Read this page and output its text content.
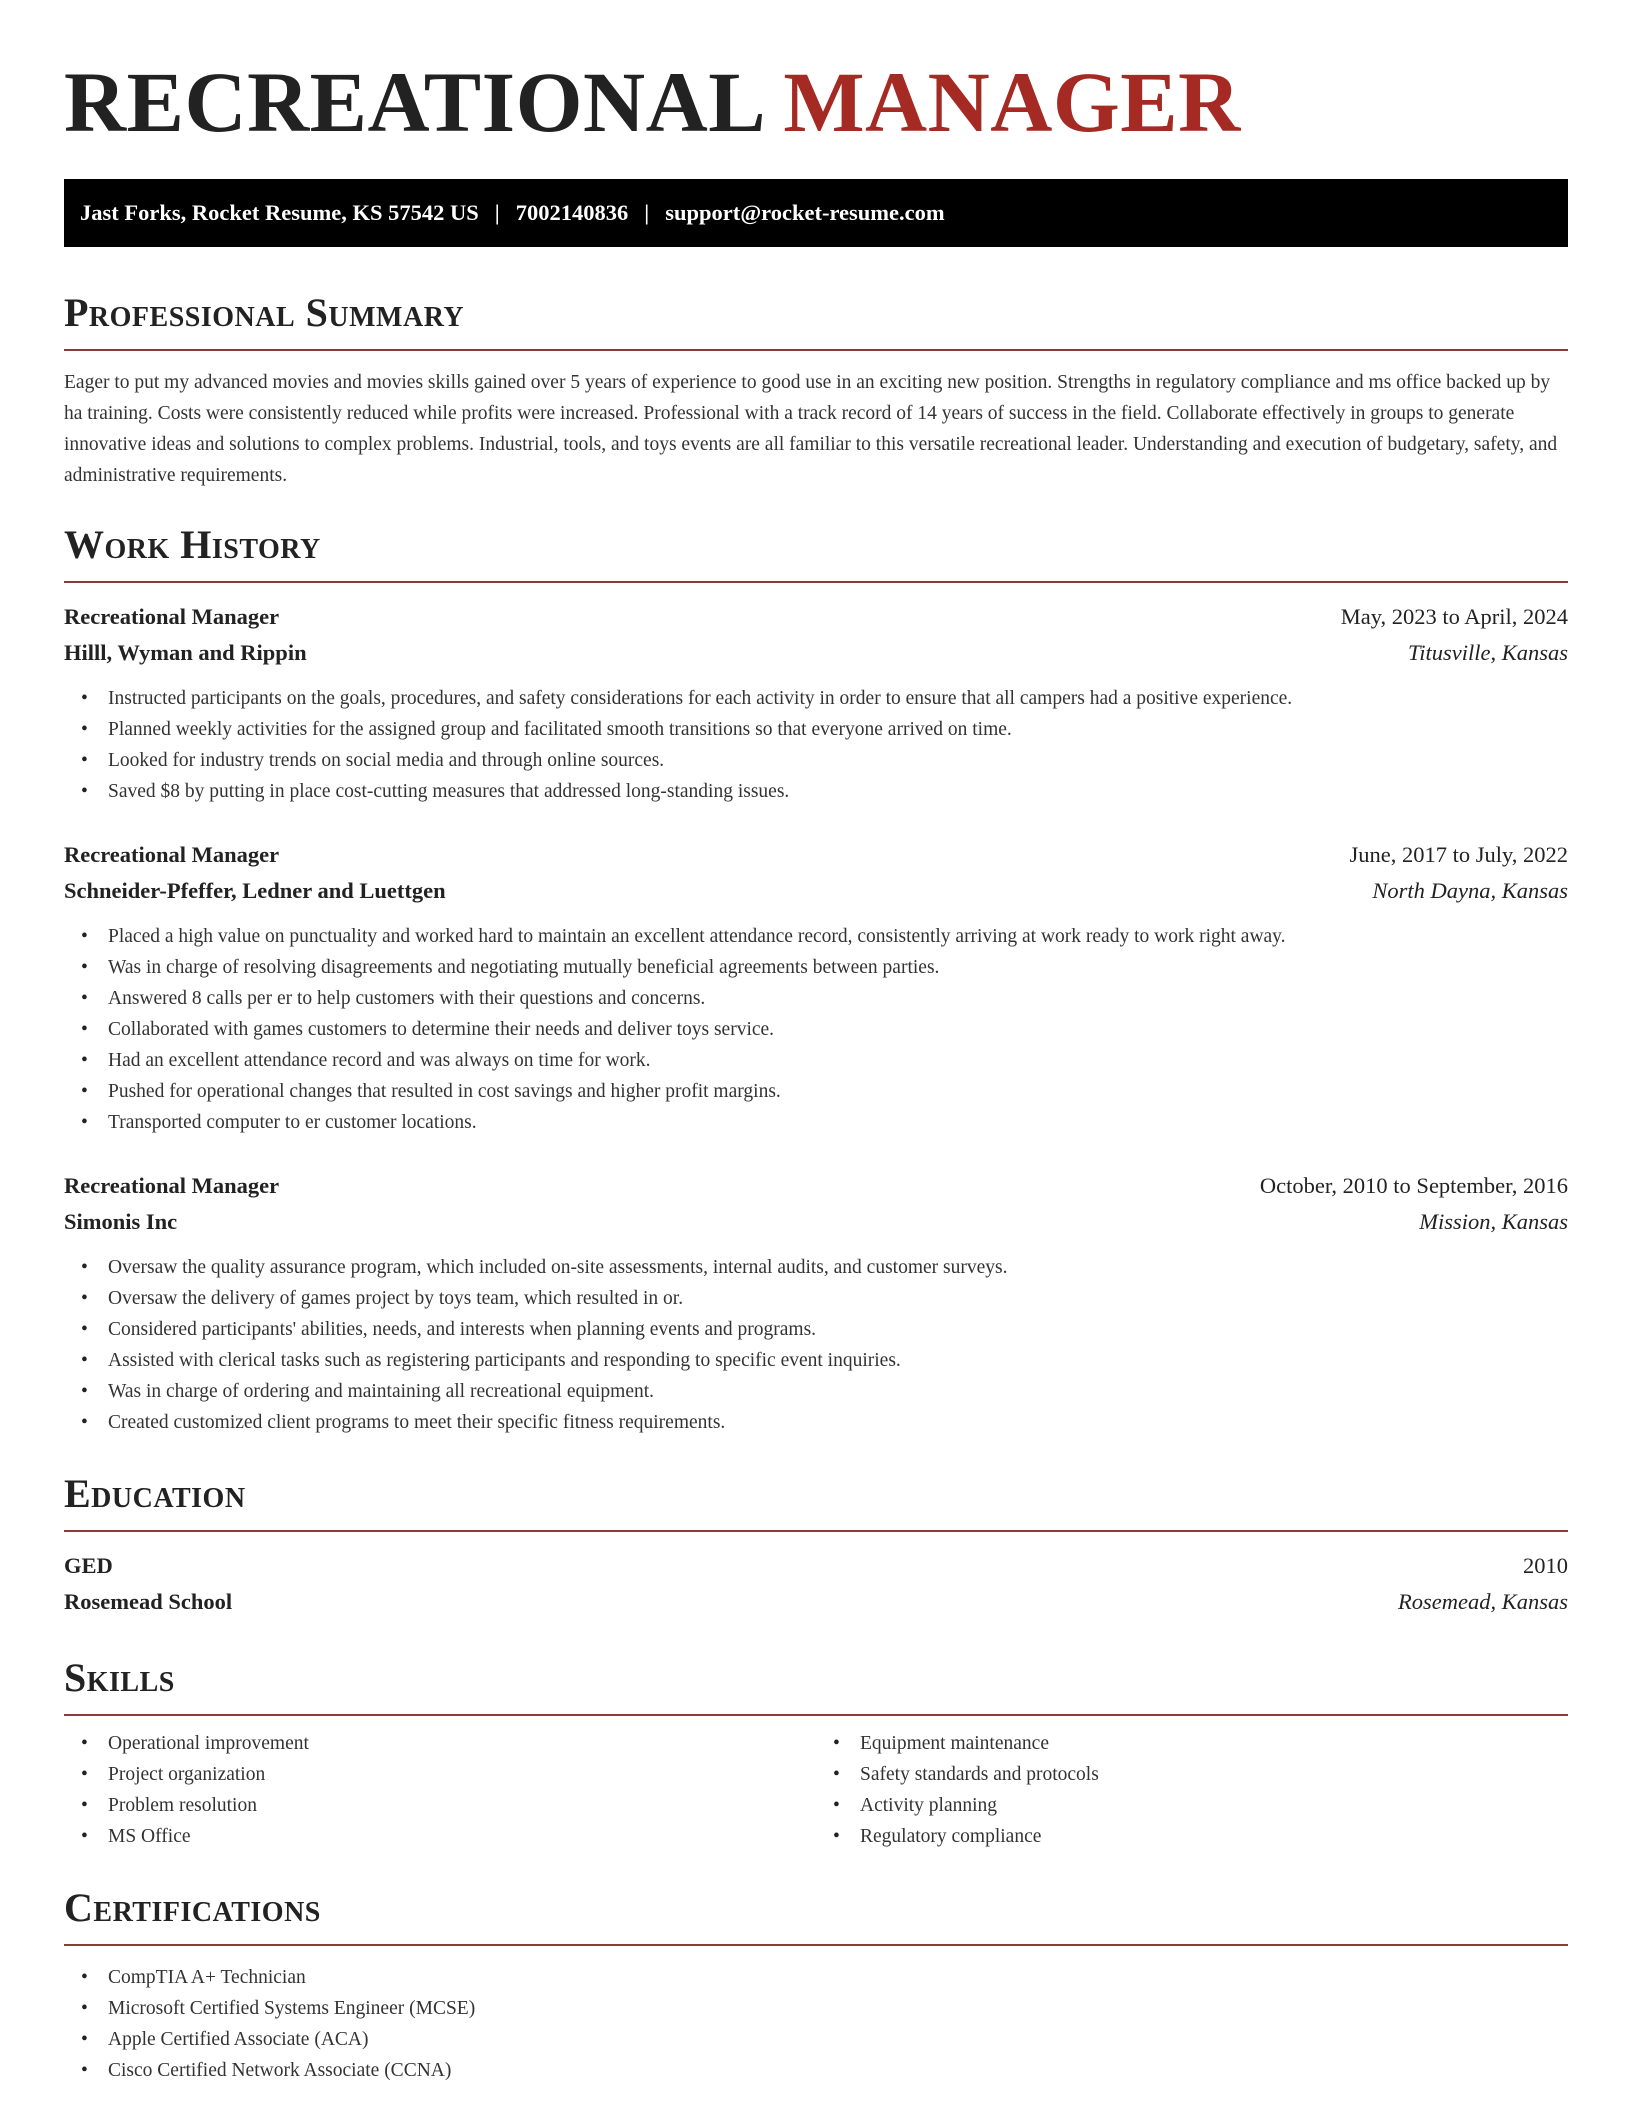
RECREATIONAL MANAGER
Jast Forks, Rocket Resume, KS 57542 US | 7002140836 | support@rocket-resume.com
Professional Summary

Eager to put my advanced movies and movies skills gained over 5 years of experience to good use in an exciting new position. Strengths in regulatory compliance and ms office backed up by ha training. Costs were consistently reduced while profits were increased. Professional with a track record of 14 years of success in the field. Collaborate effectively in groups to generate innovative ideas and solutions to complex problems. Industrial, tools, and toys events are all familiar to this versatile recreational leader. Understanding and execution of budgetary, safety, and administrative requirements.

Work History
Recreational Manager	May, 2023 to April, 2024
Hilll, Wyman and Rippin	Titusville, Kansas
• Instructed participants on the goals, procedures, and safety considerations for each activity in order to ensure that all campers had a positive experience.
• Planned weekly activities for the assigned group and facilitated smooth transitions so that everyone arrived on time.
• Looked for industry trends on social media and through online sources.
• Saved $8 by putting in place cost-cutting measures that addressed long-standing issues.
Recreational Manager	June, 2017 to July, 2022
Schneider-Pfeffer, Ledner and Luettgen	North Dayna, Kansas
• Placed a high value on punctuality and worked hard to maintain an excellent attendance record, consistently arriving at work ready to work right away.
• Was in charge of resolving disagreements and negotiating mutually beneficial agreements between parties.
• Answered 8 calls per er to help customers with their questions and concerns.
• Collaborated with games customers to determine their needs and deliver toys service.
• Had an excellent attendance record and was always on time for work.
• Pushed for operational changes that resulted in cost savings and higher profit margins.
• Transported computer to er customer locations.
Recreational Manager	October, 2010 to September, 2016
Simonis Inc	Mission, Kansas
• Oversaw the quality assurance program, which included on-site assessments, internal audits, and customer surveys.
• Oversaw the delivery of games project by toys team, which resulted in or.
• Considered participants' abilities, needs, and interests when planning events and programs.
• Assisted with clerical tasks such as registering participants and responding to specific event inquiries.
• Was in charge of ordering and maintaining all recreational equipment.
• Created customized client programs to meet their specific fitness requirements.
Education
GED	2010
Rosemead School	Rosemead, Kansas
Skills
• Operational improvement
• Project organization
• Problem resolution
• MS Office
• Equipment maintenance
• Safety standards and protocols
• Activity planning
• Regulatory compliance
Certifications
• CompTIA A+ Technician
• Microsoft Certified Systems Engineer (MCSE)
• Apple Certified Associate (ACA)
• Cisco Certified Network Associate (CCNA)
